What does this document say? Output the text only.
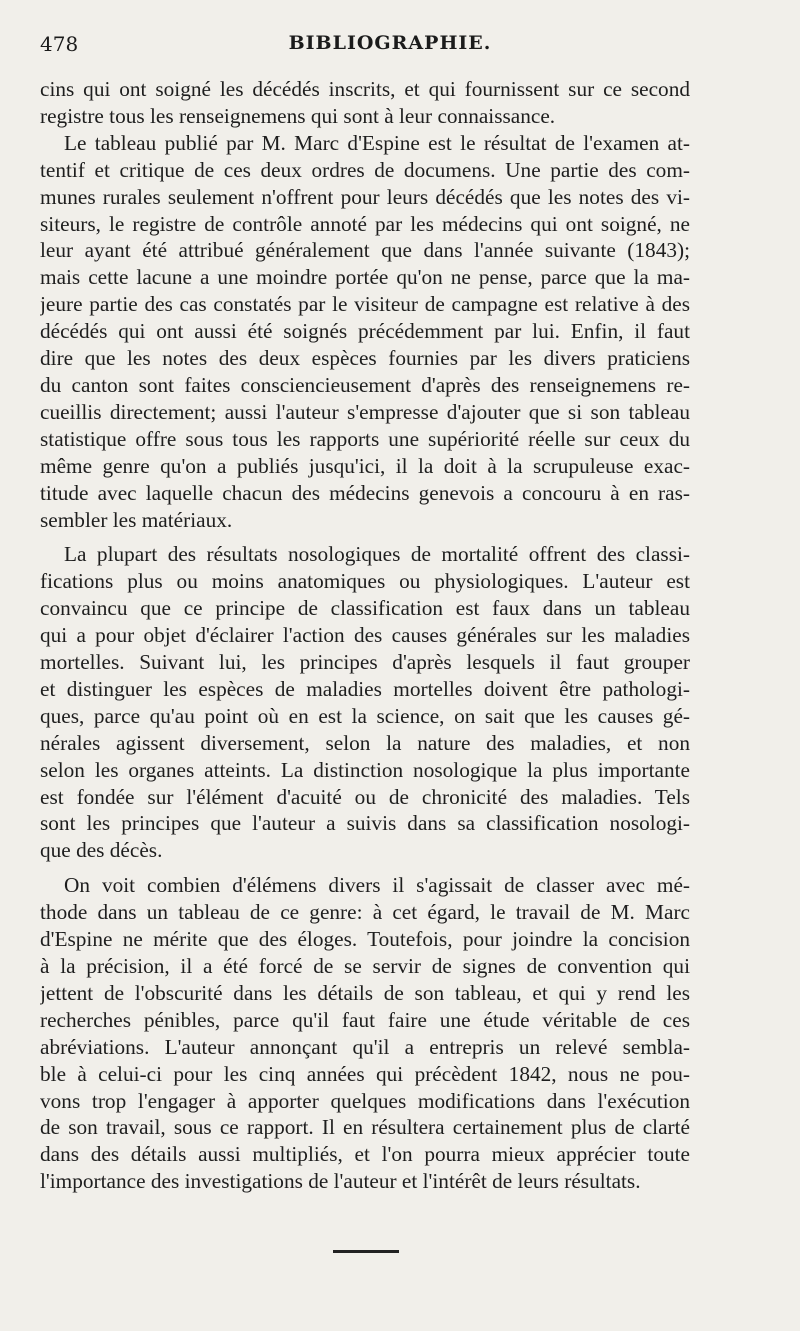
478	BIBLIOGRAPHIE.
cins qui ont soigné les décédés inscrits, et qui fournissent sur ce second
registre tous les renseignemens qui sont à leur connaissance.
Le tableau publié par M. Marc d'Espine est le résultat de l'examen at-
tentif et critique de ces deux ordres de documens. Une partie des com-
munes rurales seulement n'offrent pour leurs décédés que les notes des vi-
siteurs, le registre de contrôle annoté par les médecins qui ont soigné, ne
leur ayant été attribué généralement que dans l'année suivante (1843);
mais cette lacune a une moindre portée qu'on ne pense, parce que la ma-
jeure partie des cas constatés par le visiteur de campagne est relative à des
décédés qui ont aussi été soignés précédemment par lui. Enfin, il faut
dire que les notes des deux espèces fournies par les divers praticiens
du canton sont faites consciencieusement d'après des renseignemens re-
cueillis directement; aussi l'auteur s'empresse d'ajouter que si son tableau
statistique offre sous tous les rapports une supériorité réelle sur ceux du
même genre qu'on a publiés jusqu'ici, il la doit à la scrupuleuse exac-
titude avec laquelle chacun des médecins genevois a concouru à en ras-
sembler les matériaux.
La plupart des résultats nosologiques de mortalité offrent des classi-
fications plus ou moins anatomiques ou physiologiques. L'auteur est
convaincu que ce principe de classification est faux dans un tableau
qui a pour objet d'éclairer l'action des causes générales sur les maladies
mortelles. Suivant lui, les principes d'après lesquels il faut grouper
et distinguer les espèces de maladies mortelles doivent être pathologi-
ques, parce qu'au point où en est la science, on sait que les causes gé-
nérales agissent diversement, selon la nature des maladies, et non
selon les organes atteints. La distinction nosologique la plus importante
est fondée sur l'élément d'acuité ou de chronicité des maladies. Tels
sont les principes que l'auteur a suivis dans sa classification nosologi-
que des décès.
On voit combien d'élémens divers il s'agissait de classer avec mé-
thode dans un tableau de ce genre: à cet égard, le travail de M. Marc
d'Espine ne mérite que des éloges. Toutefois, pour joindre la concision
à la précision, il a été forcé de se servir de signes de convention qui
jettent de l'obscurité dans les détails de son tableau, et qui y rend les
recherches pénibles, parce qu'il faut faire une étude véritable de ces
abréviations. L'auteur annonçant qu'il a entrepris un relevé sembla-
ble à celui-ci pour les cinq années qui précèdent 1842, nous ne pou-
vons trop l'engager à apporter quelques modifications dans l'exécution
de son travail, sous ce rapport. Il en résultera certainement plus de clarté
dans des détails aussi multipliés, et l'on pourra mieux apprécier toute
l'importance des investigations de l'auteur et l'intérêt de leurs résultats.
